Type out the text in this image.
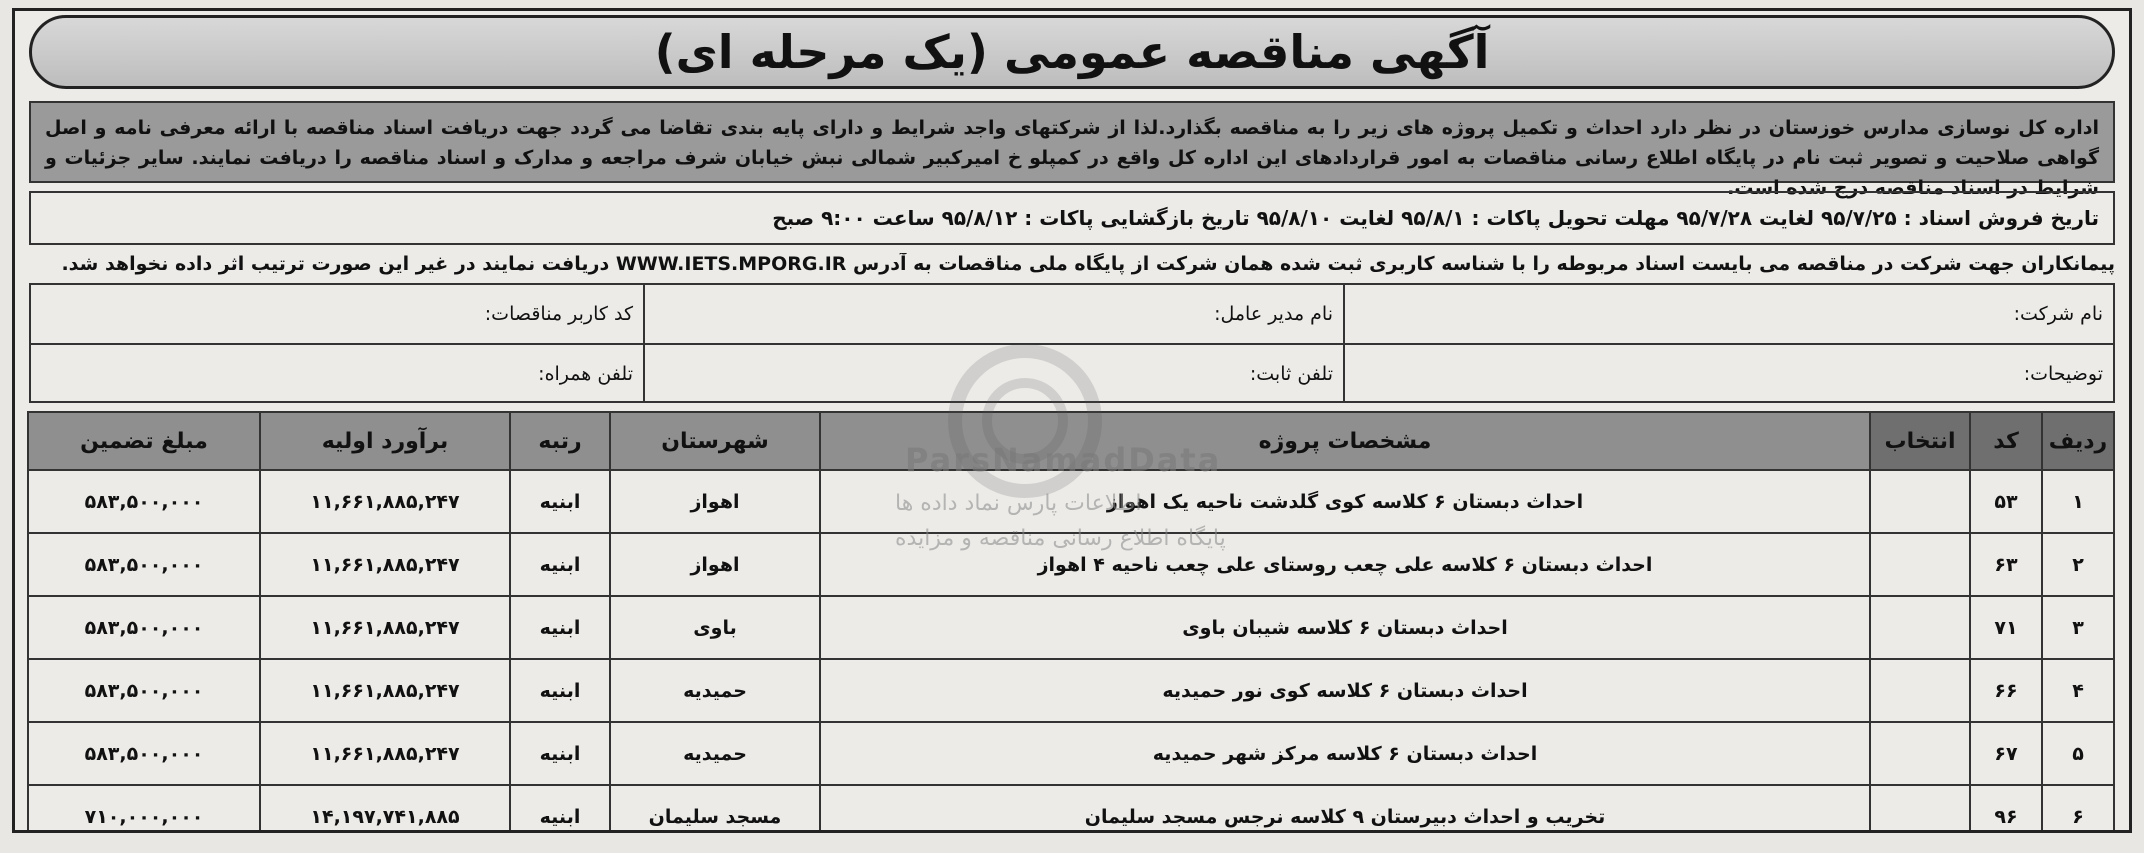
آگهی مناقصه عمومی (یک مرحله ای)
اداره کل نوسازی مدارس خوزستان در نظر دارد احداث و تکمیل پروژه های زیر را به مناقصه بگذارد.لذا از شرکتهای واجد شرایط و دارای پایه بندی تقاضا می گردد جهت دریافت اسناد مناقصه با ارائه معرفی نامه و اصل گواهی صلاحیت و تصویر ثبت نام در پایگاه اطلاع رسانی مناقصات به امور قراردادهای این اداره کل واقع در کمپلو خ امیرکبیر شمالی نبش خیابان شرف مراجعه و مدارک و اسناد مناقصه را دریافت نمایند. سایر جزئیات و شرایط در اسناد مناقصه درج شده است.
تاریخ فروش اسناد : ۹۵/۷/۲۵ لغایت ۹۵/۷/۲۸ مهلت تحویل پاکات : ۹۵/۸/۱ لغایت ۹۵/۸/۱۰ تاریخ بازگشایی پاکات : ۹۵/۸/۱۲ ساعت ۹:۰۰ صبح
پیمانکاران جهت شرکت در مناقصه می بایست اسناد مربوطه را با شناسه کاربری ثبت شده همان شرکت از پایگاه ملی مناقصات به آدرس WWW.IETS.MPORG.IR دریافت نمایند در غیر این صورت ترتیب اثر داده نخواهد شد.
نام شرکت:
نام مدیر عامل:
کد کاربر مناقصات:
توضیحات:
تلفن ثابت:
تلفن همراه:
ردیف	کد	انتخاب	مشخصات پروژه	شهرستان	رتبه	برآورد اولیه	مبلغ تضمین
۱	۵۳		احداث دبستان ۶ کلاسه کوی گلدشت ناحیه یک اهواز	اهواز	ابنیه	۱۱,۶۶۱,۸۸۵,۲۴۷	۵۸۳,۵۰۰,۰۰۰
۲	۶۳		احداث دبستان ۶ کلاسه علی چعب روستای علی چعب ناحیه ۴ اهواز	اهواز	ابنیه	۱۱,۶۶۱,۸۸۵,۲۴۷	۵۸۳,۵۰۰,۰۰۰
۳	۷۱		احداث دبستان ۶ کلاسه شیبان باوی	باوی	ابنیه	۱۱,۶۶۱,۸۸۵,۲۴۷	۵۸۳,۵۰۰,۰۰۰
۴	۶۶		احداث دبستان ۶ کلاسه کوی نور حمیدیه	حمیدیه	ابنیه	۱۱,۶۶۱,۸۸۵,۲۴۷	۵۸۳,۵۰۰,۰۰۰
۵	۶۷		احداث دبستان ۶ کلاسه مرکز شهر حمیدیه	حمیدیه	ابنیه	۱۱,۶۶۱,۸۸۵,۲۴۷	۵۸۳,۵۰۰,۰۰۰
۶	۹۶		تخریب و احداث دبیرستان ۹ کلاسه نرجس مسجد سلیمان	مسجد سلیمان	ابنیه	۱۴,۱۹۷,۷۴۱,۸۸۵	۷۱۰,۰۰۰,۰۰۰
ParsNamadData
اطلاعات پارس نماد داده ها
پایگاه اطلاع رسانی مناقصه و مزایده
